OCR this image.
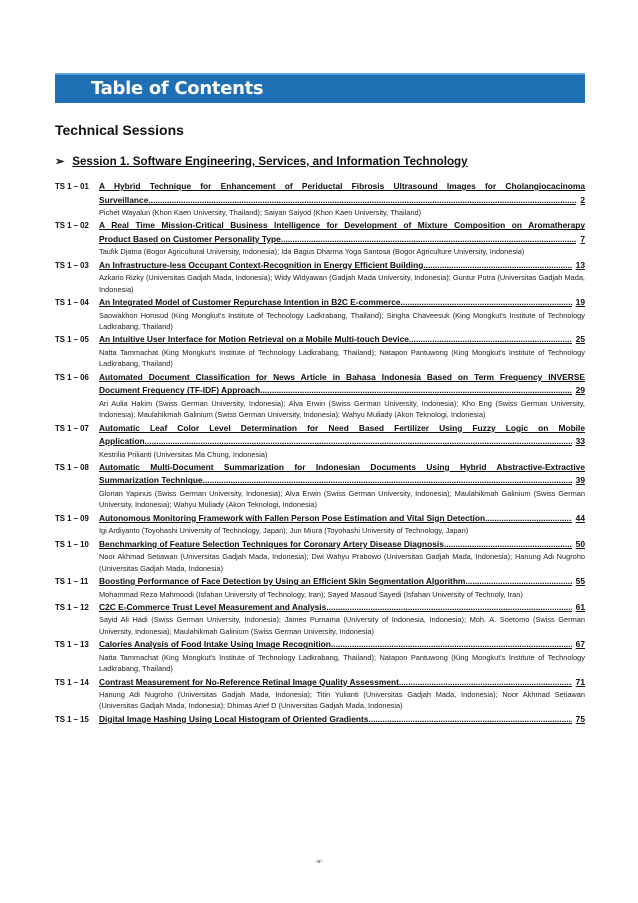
Table of Contents
Technical Sessions
➢ Session 1. Software Engineering, Services, and Information Technology
TS 1 – 01 A Hybrid Technique for Enhancement of Periductal Fibrosis Ultrasound Images for Cholangiocacinoma
Surveillance .....	2
Pichet Wayalun (Khon Kaen University, Thailand); Saiyan Saiyod (Khon Kaen University, Thailand)
TS 1 – 02 A Real Time Mission-Critical Business Intelligence for Development of Mixture Composition on Aromatherapy
Product Based on Customer Personality Type .....	7
Taufik Djatna (Bogor Agricultural University, Indonesia); Ida Bagus Dharma Yoga Santosa (Bogor Agriculture University, Indonesia)
TS 1 – 03 An Infrastructure-less Occupant Context-Recognition in Energy Efficient Building .....	13
Azkario Rizky (Universitas Gadjah Mada, Indonesia); Widy Widyawan (Gadjah Mada University, Indonesia); Guntur Putra (Universitas Gadjah Mada, Indonesia)
TS 1 – 04 An Integrated Model of Customer Repurchase Intention in B2C E-commerce .....	19
Saowakhon Homsud (King Mongkut's Institute of Technology Ladkrabang, Thailand); Singha Chaveesuk (King Mongkut's Institute of Technology Ladkrabang, Thailand)
TS 1 – 05 An Intuitive User Interface for Motion Retrieval on a Mobile Multi-touch Device .....	25
Natta Tammachat (King Mongkut's Institute of Technology Ladkrabang, Thailand); Natapon Pantuwong (King Mongkut's Institute of Technology Ladkrabang, Thailand)
TS 1 – 06 Automated Document Classification for News Article in Bahasa Indonesia Based on Term Frequency INVERSE
Document Frequency (TF-IDF) Approach .....	29
Ari Aulia Hakim (Swiss German University, Indonesia); Alva Erwin (Swiss German University, Indonesia); Kho Eng (Swiss German University, Indonesia); Maulahikmah Galinium (Swiss German University, Indonesia); Wahyu Muliady (Akon Teknologi, Indonesia)
TS 1 – 07 Automatic Leaf Color Level Determination for Need Based Fertilizer Using Fuzzy Logic on Mobile
Application .....	33
Kestrilia Prilianti (Universitas Ma Chung, Indonesia)
TS 1 – 08 Automatic Multi-Document Summarization for Indonesian Documents Using Hybrid Abstractive-Extractive
Summarization Technique .....	39
Glorian Yapinus (Swiss German University, Indonesia); Alva Erwin (Swiss German University, Indonesia); Maulahikmah Galinium (Swiss German University, Indonesia); Wahyu Muliady (Akon Teknologi, Indonesia)
TS 1 – 09 Autonomous Monitoring Framework with Fallen Person Pose Estimation and Vital Sign Detection .....	44
Igi Ardiyanto (Toyohashi University of Technology, Japan); Jun Miura (Toyohashi University of Technology, Japan)
TS 1 – 10 Benchmarking of Feature Selection Techniques for Coronary Artery Disease Diagnosis .....	50
Noor Akhmad Setiawan (Universitas Gadjah Mada, Indonesia); Dwi Wahyu Prabowo (Universitas Gadjah Mada, Indonesia); Hanung Adi Nugroho (Universitas Gadjah Mada, Indonesia)
TS 1 – 11 Boosting Performance of Face Detection by Using an Efficient Skin Segmentation Algorithm .....	55
Mohammad Reza Mahmoodi (Isfahan University of Technology, Iran); Sayed Masoud Sayedi (Isfahan University of Technoly, Iran)
TS 1 – 12 C2C E-Commerce Trust Level Measurement and Analysis .....	61
Sayid Ali Hadi (Swiss German University, Indonesia); James Purnama (University of Indonesia, Indonesia); Moh. A. Soetomo (Swiss German University, Indonesia); Maulahikmah Galinium (Swiss German University, Indonesia)
TS 1 – 13 Calories Analysis of Food Intake Using Image Recognition .....	67
Natta Tammachat (King Mongkut's Institute of Technology Ladkrabang, Thailand); Natapon Pantuwong (King Mongkut's Institute of Technology Ladkrabang, Thailand)
TS 1 – 14 Contrast Measurement for No-Reference Retinal Image Quality Assessment .....	71
Hanung Adi Nugroho (Universitas Gadjah Mada, Indonesia); Titin Yulianti (Universitas Gadjah Mada, Indonesia); Noor Akhmad Setiawan (Universitas Gadjah Mada, Indonesia); Dhimas Arief D (Universitas Gadjah Mada, Indonesia)
TS 1 – 15 Digital Image Hashing Using Local Histogram of Oriented Gradients .....	75
-v-
